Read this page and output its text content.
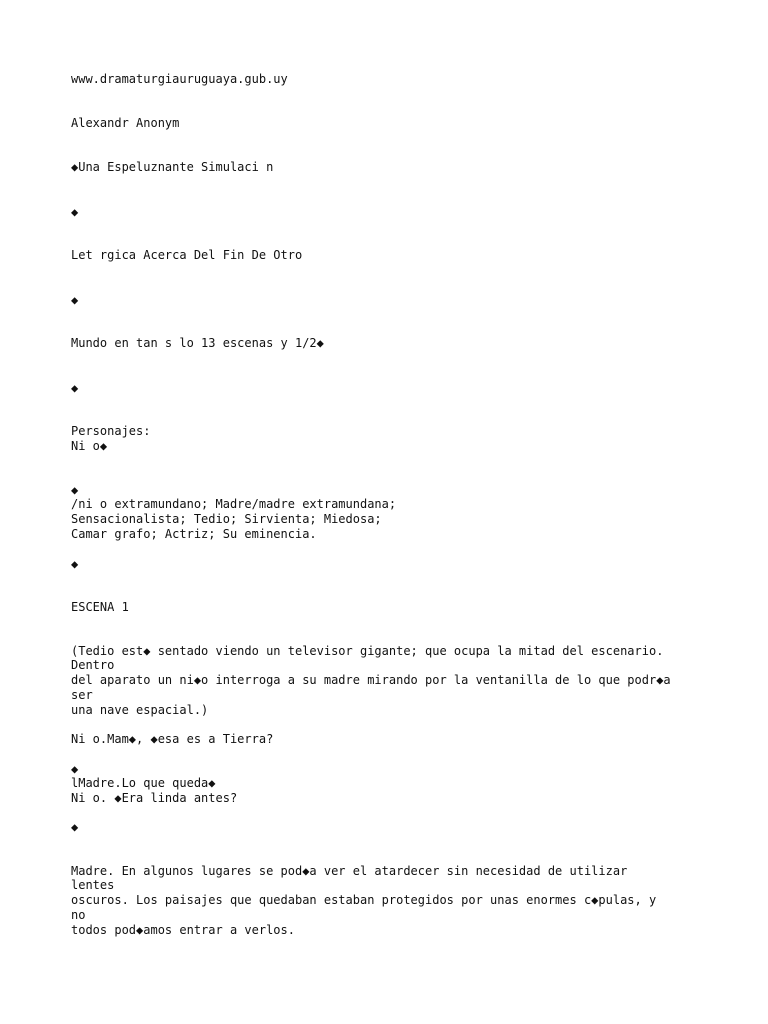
www.dramaturgiauruguaya.gub.uy

Alexandr Anonym

◆Una Espeluznante Simulaci n

◆

Let rgica Acerca Del Fin De Otro

◆

Mundo en tan s lo 13 escenas y 1/2◆

◆

Personajes:

Ni o◆

◆

/ni o extramundano; Madre/madre extramundana;

Sensacionalista; Tedio; Sirvienta; Miedosa;

Camar grafo; Actriz; Su eminencia.

◆

ESCENA 1

(Tedio est◆ sentado viendo un televisor gigante; que ocupa la mitad del escenario.

Dentro

del aparato un ni◆o interroga a su madre mirando por la ventanilla de lo que podr◆a

ser

una nave espacial.)

Ni o.Mam◆, ◆esa es a Tierra?

◆

lMadre.Lo que queda◆

Ni o. ◆Era linda antes?

◆

Madre. En algunos lugares se pod◆a ver el atardecer sin necesidad de utilizar

lentes

oscuros. Los paisajes que quedaban estaban protegidos por unas enormes c◆pulas, y

no

todos pod◆amos entrar a verlos.
